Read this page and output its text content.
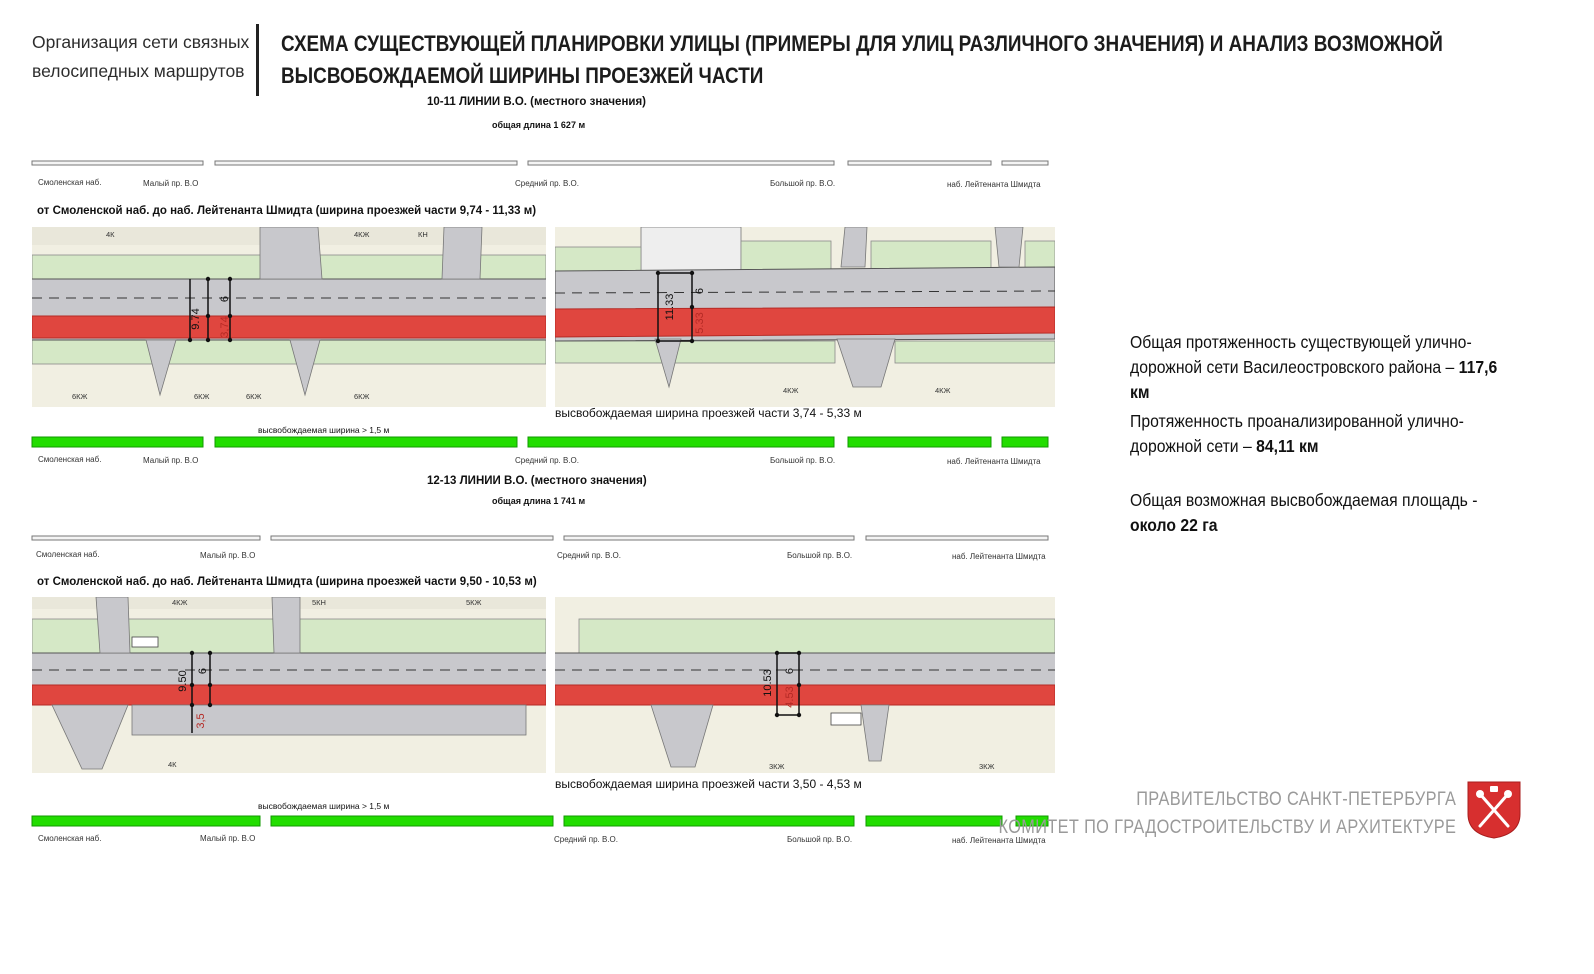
Организация сети связных
велосипедных маршрутов
СХЕМА СУЩЕСТВУЮЩЕЙ ПЛАНИРОВКИ УЛИЦЫ (ПРИМЕРЫ ДЛЯ УЛИЦ РАЗЛИЧНОГО ЗНАЧЕНИЯ) И АНАЛИЗ ВОЗМОЖНОЙ
ВЫСВОБОЖДАЕМОЙ ШИРИНЫ ПРОЕЗЖЕЙ ЧАСТИ
10-11 ЛИНИИ В.О. (местного значения)
общая длина 1 627 м
Смоленская наб.	Малый пр. В.О	Средний пр. В.О.	Большой пр. В.О.	наб. Лейтенанта Шмидта
от Смоленской наб. до наб. Лейтенанта Шмидта (ширина проезжей части 9,74 - 11,33 м)
9.74
6
3,74
4К	4КЖ	КН
6КЖ	6КЖ	6КЖ	6КЖ
11.33
6
5.33
4КЖ	4КЖ
высвобождаемая ширина проезжей части 3,74 - 5,33 м
высвобождаемая ширина > 1,5 м
Смоленская наб.	Малый пр. В.О	Средний пр. В.О.	Большой пр. В.О.	наб. Лейтенанта Шмидта
12-13 ЛИНИИ В.О. (местного значения)
общая длина 1 741 м
Смоленская наб.	Малый пр. В.О	Средний пр. В.О.	Большой пр. В.О.	наб. Лейтенанта Шмидта
от Смоленской наб. до наб. Лейтенанта Шмидта (ширина проезжей части 9,50 - 10,53 м)
9.50 6
3,5
4КЖ	5КН	5КЖ
4К
10.53 6
4.53
3КЖ	3КЖ
высвобождаемая ширина проезжей части 3,50 - 4,53 м
высвобождаемая ширина > 1,5 м
Смоленская наб.	Малый пр. В.О	Средний пр. В.О.	Большой пр. В.О.	наб. Лейтенанта Шмидта
Общая протяженность существующей улично-дорожной сети Василеостровского района – 117,6 км
Протяженность проанализированной улично-дорожной сети – 84,11 км
Общая возможная высвобождаемая площадь - около 22 га
ПРАВИТЕЛЬСТВО САНКТ-ПЕТЕРБУРГА
КОМИТЕТ ПО ГРАДОСТРОИТЕЛЬСТВУ И АРХИТЕКТУРЕ
